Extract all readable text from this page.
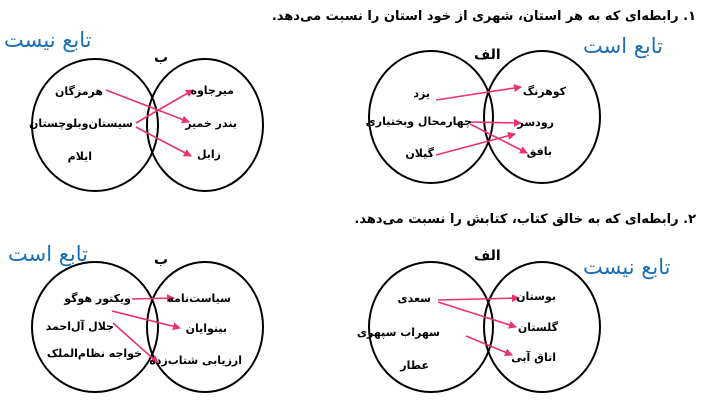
۱. رابطه‌ای که به هر استان، شهری از خود استان را نسبت می‌دهد.
۲. رابطه‌ای که به خالق کتاب، کتابش را نسبت می‌دهد.
الف
ب
الف
ب
تابع نیست	تابع است
تابع است
تابع نیست
یزد
چهارمحال وبختیاری
گیلان
کوهرنگ
رودسر
بافق
هرمزگان
سیستان‌وبلوچستان
ایلام
میرجاوه
بندر خمیر
زابل
سعدی
سهراب سپهری
عطار
بوستان
گلستان
اتاق آبی
ویکتور هوگو
جلال آل‌احمد
خواجه نظام‌الملک
سیاست‌نامه
بینوایان
ارزیابی شتاب‌زده
